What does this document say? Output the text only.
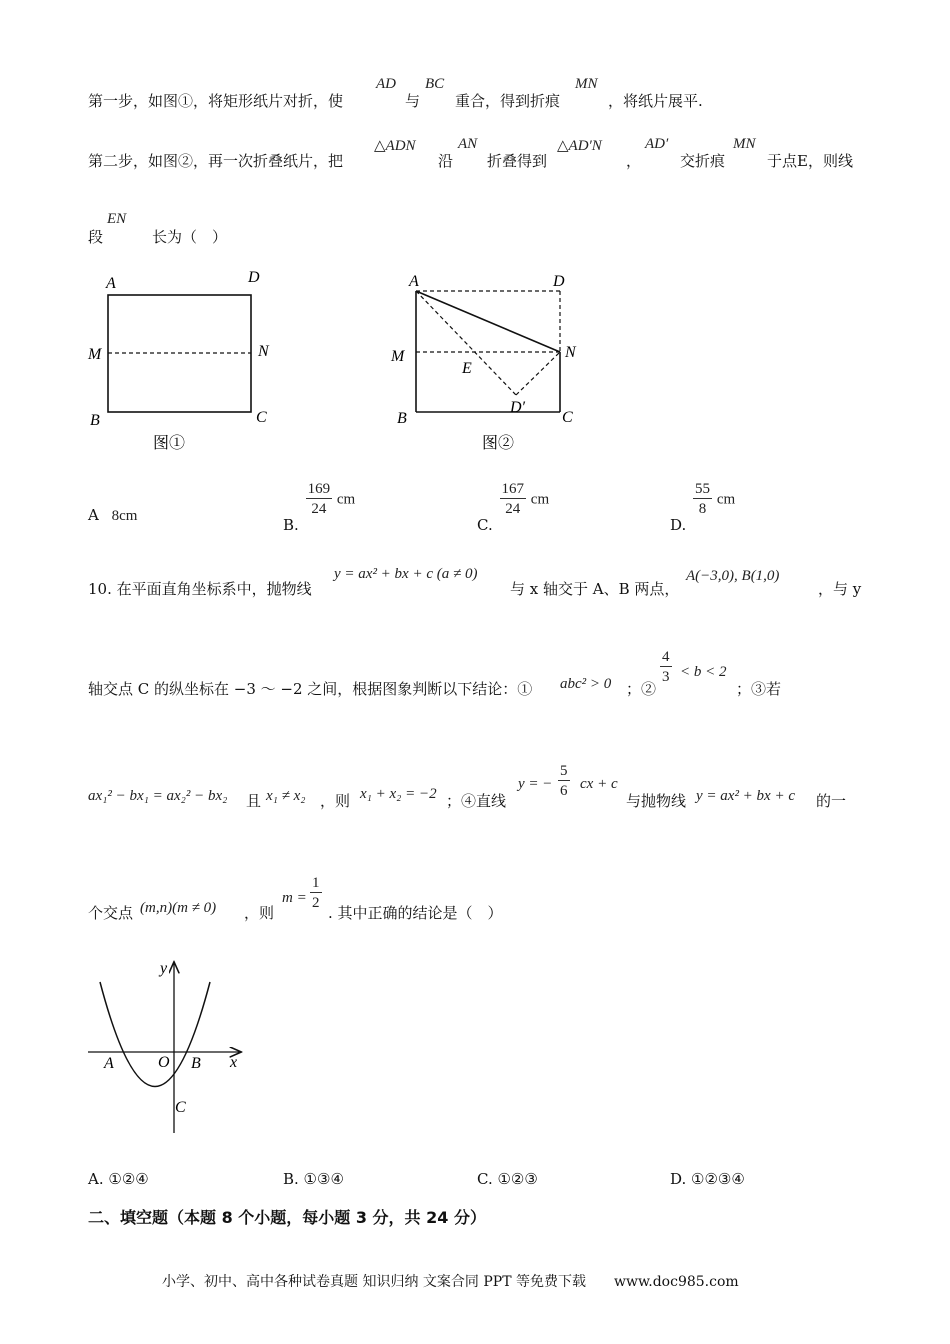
第一步，如图①，将矩形纸片对折，使
AD
与
BC
重合，得到折痕
MN
，将纸片展平.
第二步，如图②，再一次折叠纸片，把
△ADN
沿
AN
折叠得到
△AD′N
，
AD′
交折痕
MN
于点E，则线
段
EN
长为（　）
A	D
M	N
B	C
图①
A	D
M	N
E
D′
B	C
图②
A 8cm	B.
$\frac{169}{24}$ cm
C.
$\frac{167}{24}$ cm
D.
$\frac{55}{8}$ cm
10. 在平面直角坐标系中，抛物线
y = ax² + bx + c (a ≠ 0)
与 x 轴交于 A、B 两点，
A(−3,0), B(1,0)
，与 y
轴交点 C 的纵坐标在 −3 ～ −2 之间，根据图象判断以下结论：① abc² > 0 ；②
$\frac{4}{3} < b < 2$
；③若
ax₁² − bx₁ = ax₂² − bx₂ 且 x₁ ≠ x₂ ，则 x₁ + x₂ = −2 ；④直线
y = − $\frac{5}{6}$ cx + c
与抛物线 y = ax² + bx + c 的一
个交点 (m,n)(m ≠ 0) ，则
$m = \frac{1}{2}$ . 其中正确的结论是（　）
y
x
A	O B
C
A. ①②④	B. ①③④	C. ①②③	D. ①②③④
二、填空题（本题 8 个小题，每小题 3 分，共 24 分）
小学、初中、高中各种试卷真题 知识归纳 文案合同 PPT 等免费下载　　www.doc985.com
